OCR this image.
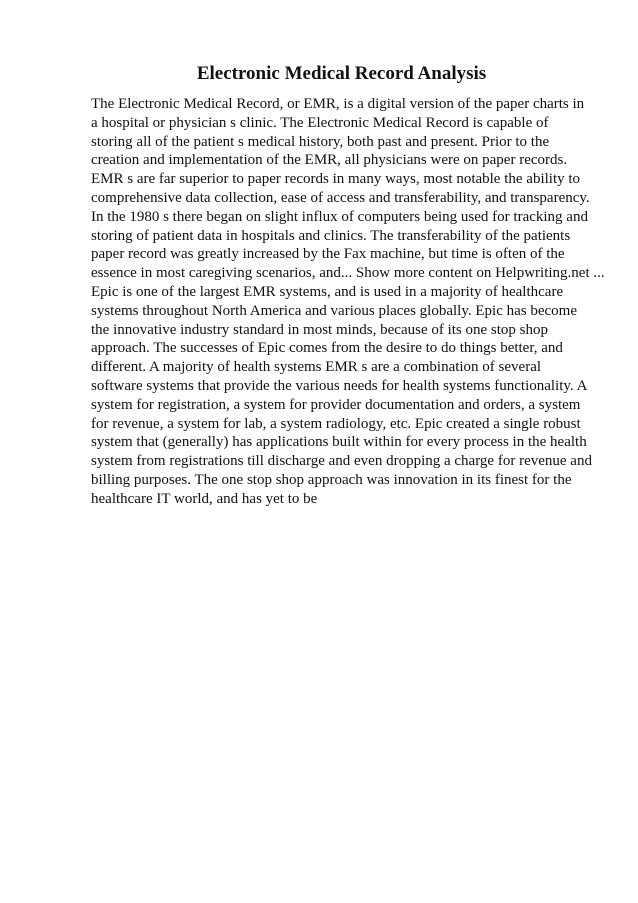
Electronic Medical Record Analysis
The Electronic Medical Record, or EMR, is a digital version of the paper charts in
a hospital or physician s clinic. The Electronic Medical Record is capable of
storing all of the patient s medical history, both past and present. Prior to the
creation and implementation of the EMR, all physicians were on paper records.
EMR s are far superior to paper records in many ways, most notable the ability to
comprehensive data collection, ease of access and transferability, and transparency.
In the 1980 s there began on slight influx of computers being used for tracking and
storing of patient data in hospitals and clinics. The transferability of the patients
paper record was greatly increased by the Fax machine, but time is often of the
essence in most caregiving scenarios, and... Show more content on Helpwriting.net ...
Epic is one of the largest EMR systems, and is used in a majority of healthcare
systems throughout North America and various places globally. Epic has become
the innovative industry standard in most minds, because of its one stop shop
approach. The successes of Epic comes from the desire to do things better, and
different. A majority of health systems EMR s are a combination of several
software systems that provide the various needs for health systems functionality. A
system for registration, a system for provider documentation and orders, a system
for revenue, a system for lab, a system radiology, etc. Epic created a single robust
system that (generally) has applications built within for every process in the health
system from registrations till discharge and even dropping a charge for revenue and
billing purposes. The one stop shop approach was innovation in its finest for the
healthcare IT world, and has yet to be
